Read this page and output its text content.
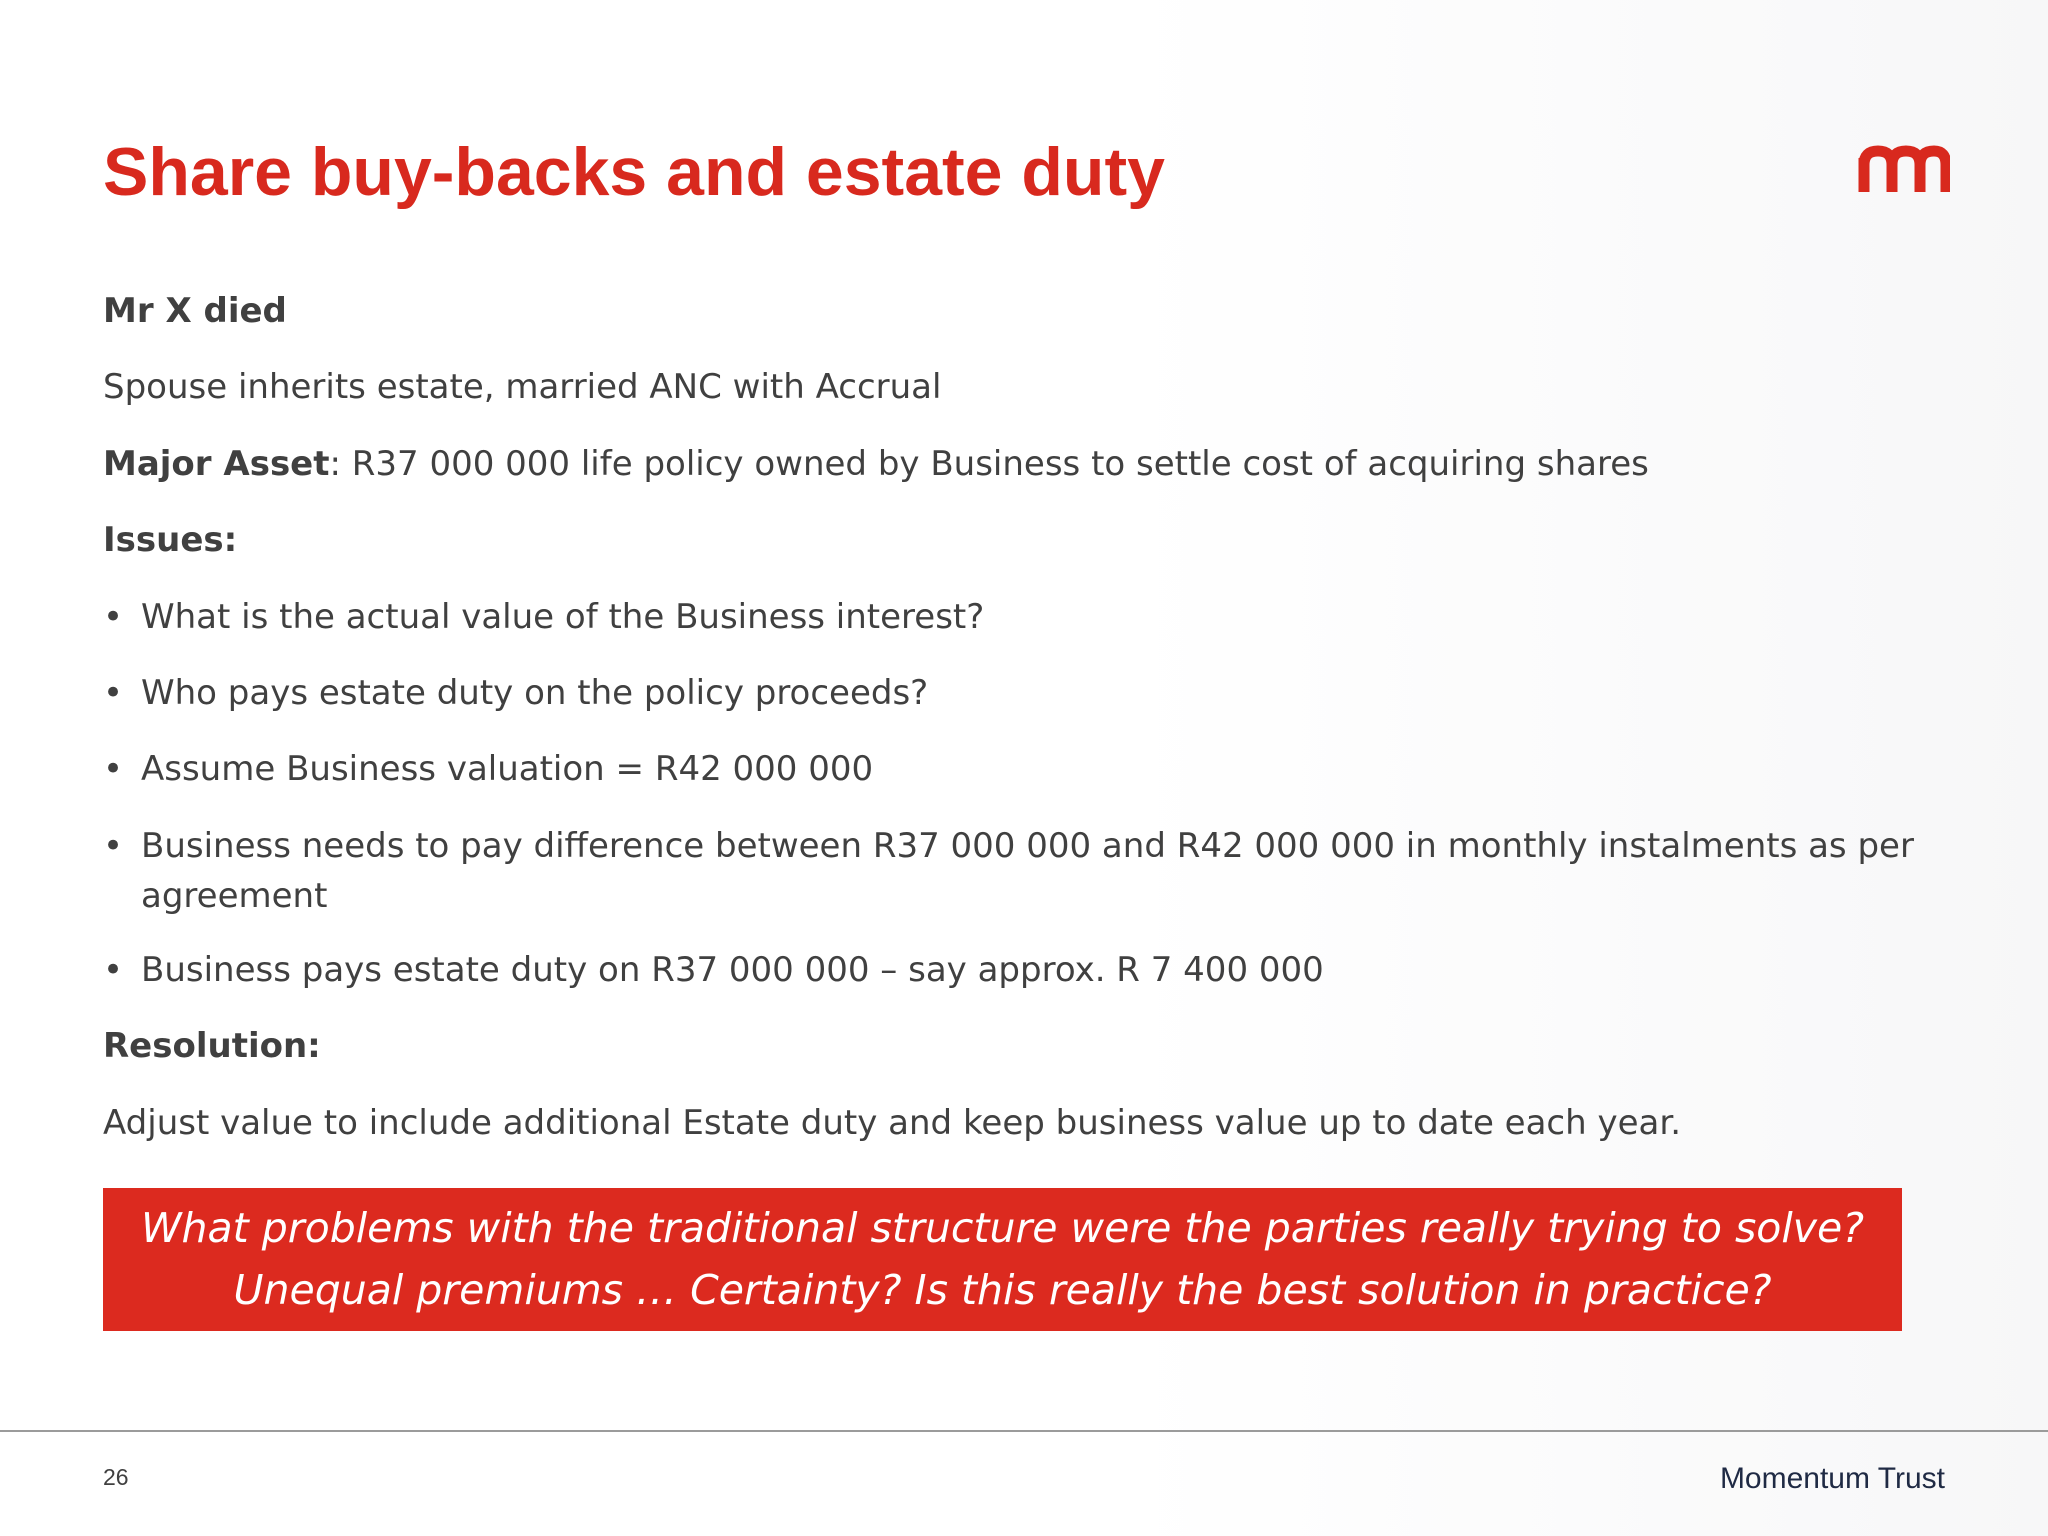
Share buy-backs and estate duty
Mr X died
Spouse inherits estate, married ANC with Accrual
Major Asset: R37 000 000 life policy owned by Business to settle cost of acquiring shares
Issues:
• What is the actual value of the Business interest?
• Who pays estate duty on the policy proceeds?
• Assume Business valuation = R42 000 000
• Business needs to pay difference between R37 000 000 and R42 000 000 in monthly instalments as per agreement
• Business pays estate duty on R37 000 000 – say approx. R 7 400 000
Resolution:
Adjust value to include additional Estate duty and keep business value up to date each year.
What problems with the traditional structure were the parties really trying to solve?
Unequal premiums … Certainty? Is this really the best solution in practice?
26	Momentum Trust
